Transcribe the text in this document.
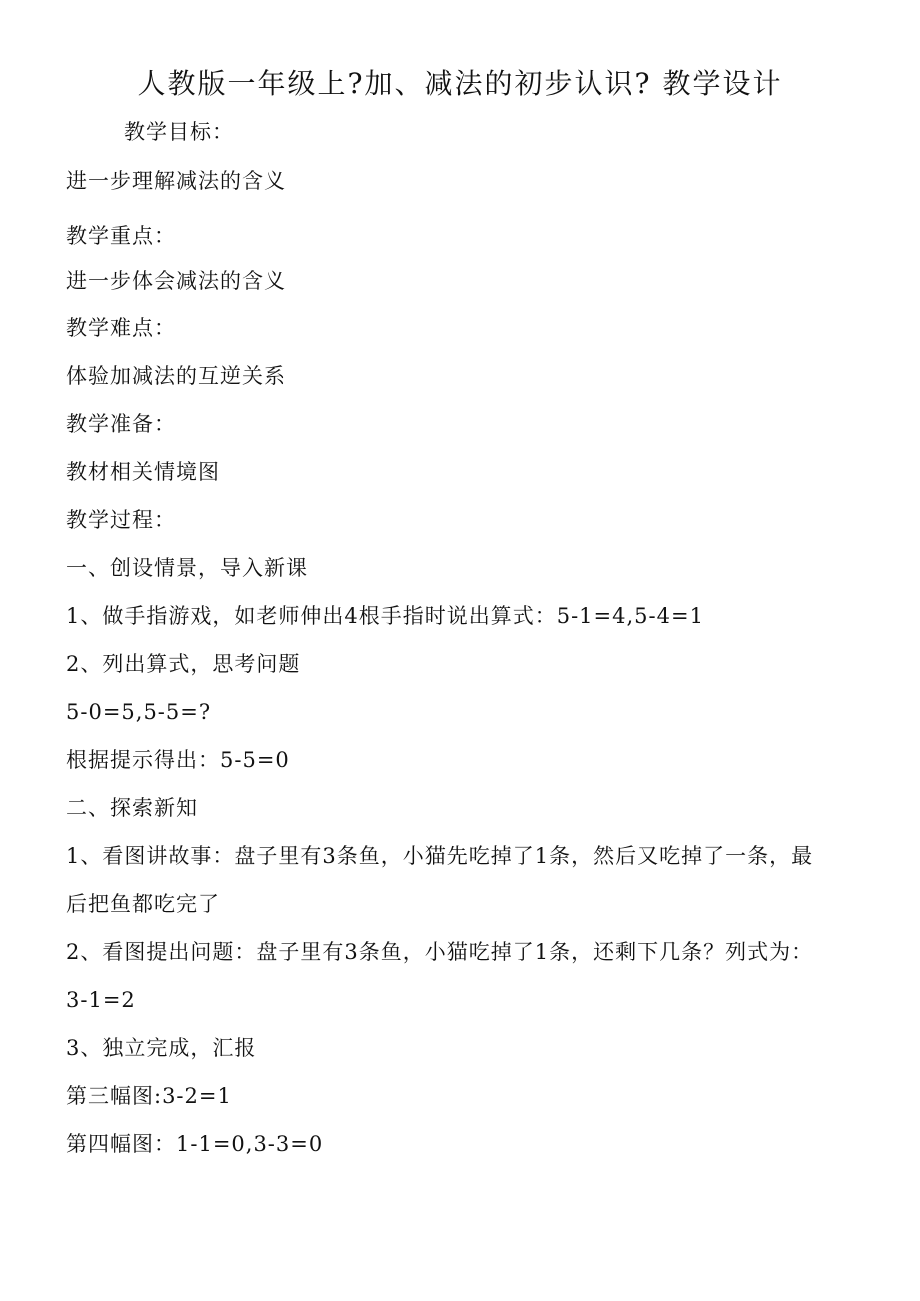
人教版一年级上?加、减法的初步认识? 教学设计
教学目标：
进一步理解减法的含义
教学重点：
进一步体会减法的含义
教学难点：
体验加减法的互逆关系
教学准备：
教材相关情境图
教学过程：
一、创设情景，导入新课
1、做手指游戏，如老师伸出4根手指时说出算式：5-1=4,5-4=1
2、列出算式，思考问题
5-0=5,5-5=?
根据提示得出：5-5=0
二、探索新知
1、看图讲故事：盘子里有3条鱼，小猫先吃掉了1条，然后又吃掉了一条，最
后把鱼都吃完了
2、看图提出问题：盘子里有3条鱼，小猫吃掉了1条，还剩下几条？列式为：
3-1=2
3、独立完成，汇报
第三幅图:3-2=1
第四幅图：1-1=0,3-3=0
